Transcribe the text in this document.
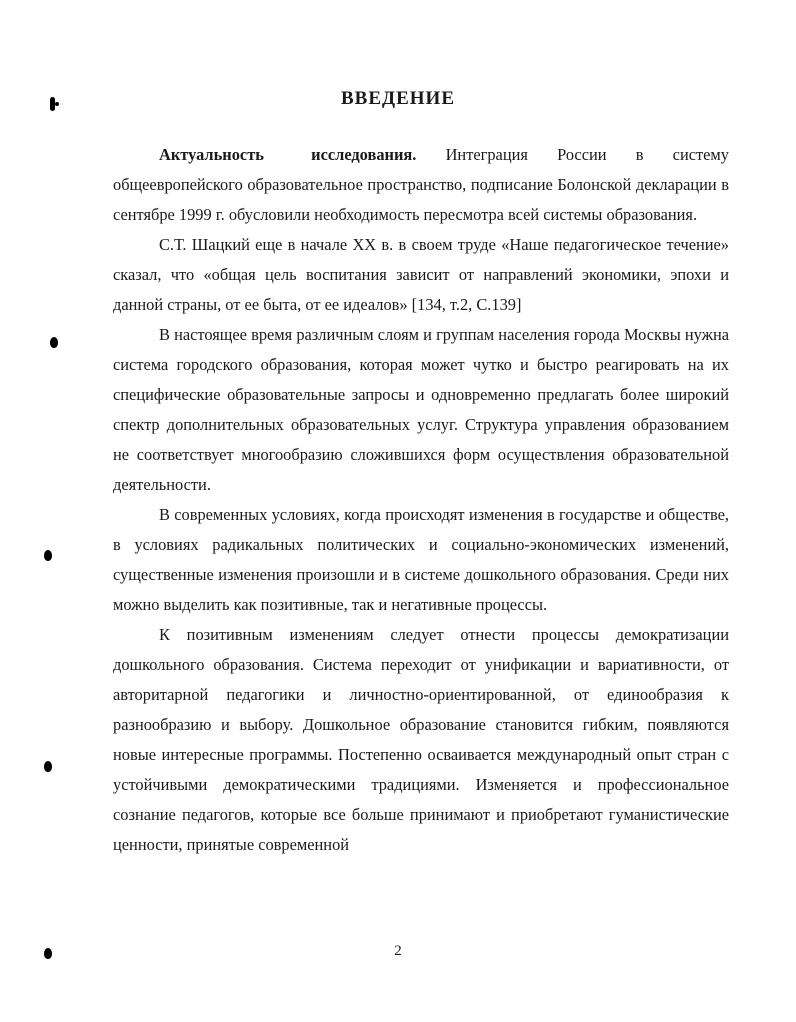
ВВЕДЕНИЕ

Актуальность исследования. Интеграция России в систему общеевропейского образовательное пространство, подписание Болонской декларации в сентябре 1999 г. обусловили необходимость пересмотра всей системы образования.

С.Т. Шацкий еще в начале XX в. в своем труде «Наше педагогическое течение» сказал, что «общая цель воспитания зависит от направлений экономики, эпохи и данной страны, от ее быта, от ее идеалов» [134, т.2, С.139]

В настоящее время различным слоям и группам населения города Москвы нужна система городского образования, которая может чутко и быстро реагировать на их специфические образовательные запросы и одновременно предлагать более широкий спектр дополнительных образовательных услуг. Структура управления образованием не соответствует многообразию сложившихся форм осуществления образовательной деятельности.

В современных условиях, когда происходят изменения в государстве и обществе, в условиях радикальных политических и социально-экономических изменений, существенные изменения произошли и в системе дошкольного образования. Среди них можно выделить как позитивные, так и негативные процессы.

К позитивным изменениям следует отнести процессы демократизации дошкольного образования. Система переходит от унификации и вариативности, от авторитарной педагогики и личностно-ориентированной, от единообразия к разнообразию и выбору. Дошкольное образование становится гибким, появляются новые интересные программы. Постепенно осваивается международный опыт стран с устойчивыми демократическими традициями. Изменяется и профессиональное сознание педагогов, которые все больше принимают и приобретают гуманистические ценности, принятые современной

2
